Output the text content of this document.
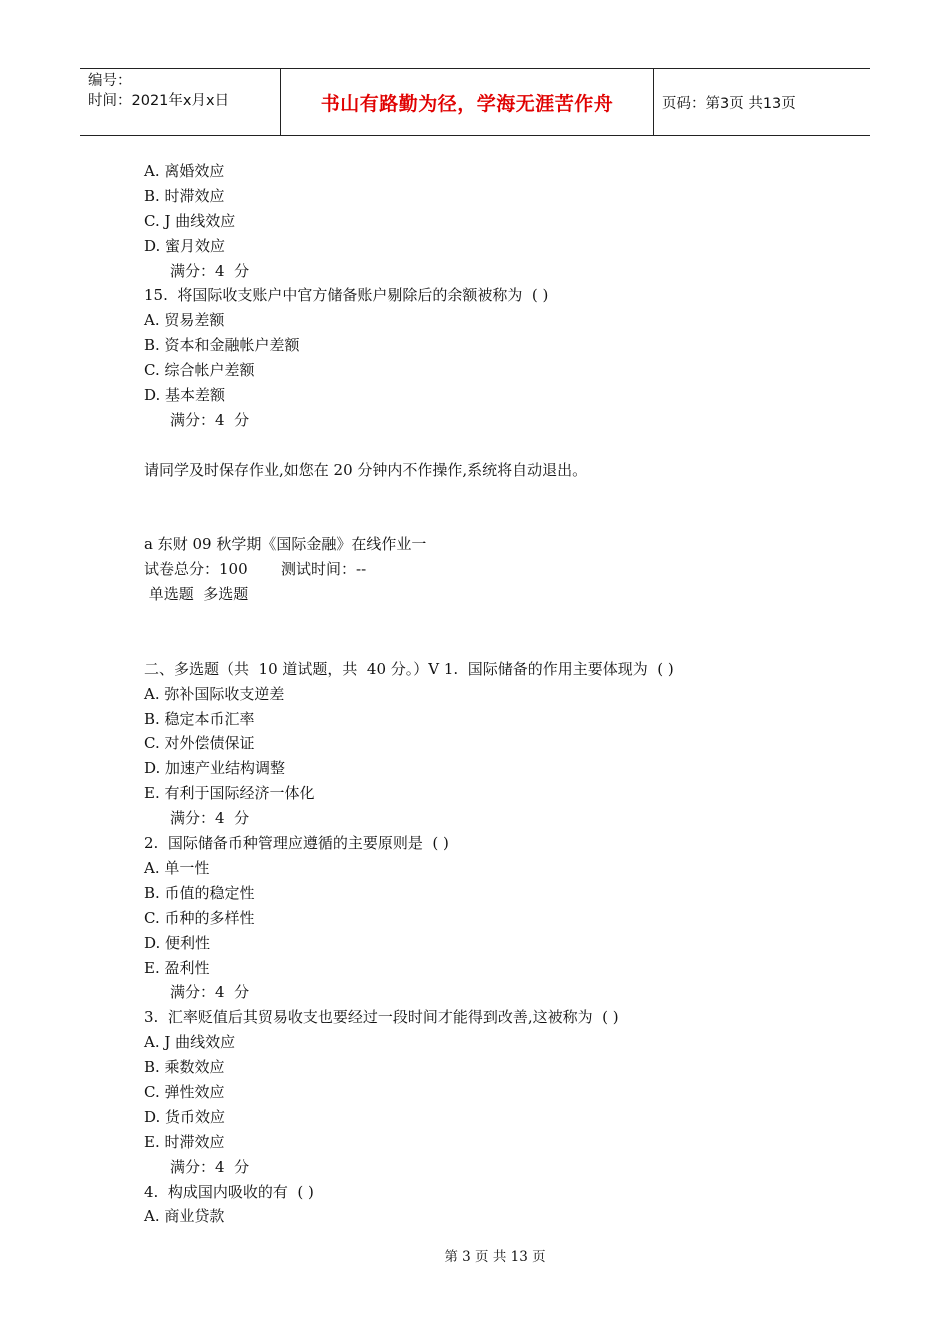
编号：
时间：2021年x月x日	书山有路勤为径，学海无涯苦作舟	页码：第3页 共13页
A. 离婚效应
B. 时滞效应
C. J 曲线效应
D. 蜜月效应
满分：4  分
15.  将国际收支账户中官方储备账户剔除后的余额被称为  ( )
A. 贸易差额
B. 资本和金融帐户差额
C. 综合帐户差额
D. 基本差额
满分：4  分
请同学及时保存作业,如您在 20 分钟内不作操作,系统将自动退出。
a 东财 09 秋学期《国际金融》在线作业一
试卷总分：100       测试时间：--
单选题  多选题
二、多选题（共  10 道试题，共  40 分。）V 1.  国际储备的作用主要体现为  ( )
A. 弥补国际收支逆差
B. 稳定本币汇率
C. 对外偿债保证
D. 加速产业结构调整
E. 有利于国际经济一体化
满分：4  分
2.  国际储备币种管理应遵循的主要原则是  ( )
A. 单一性
B. 币值的稳定性
C. 币种的多样性
D. 便利性
E. 盈利性
满分：4  分
3.  汇率贬值后其贸易收支也要经过一段时间才能得到改善,这被称为  ( )
A. J 曲线效应
B. 乘数效应
C. 弹性效应
D. 货币效应
E. 时滞效应
满分：4  分
4.  构成国内吸收的有  ( )
A. 商业贷款
第 3 页 共 13 页
